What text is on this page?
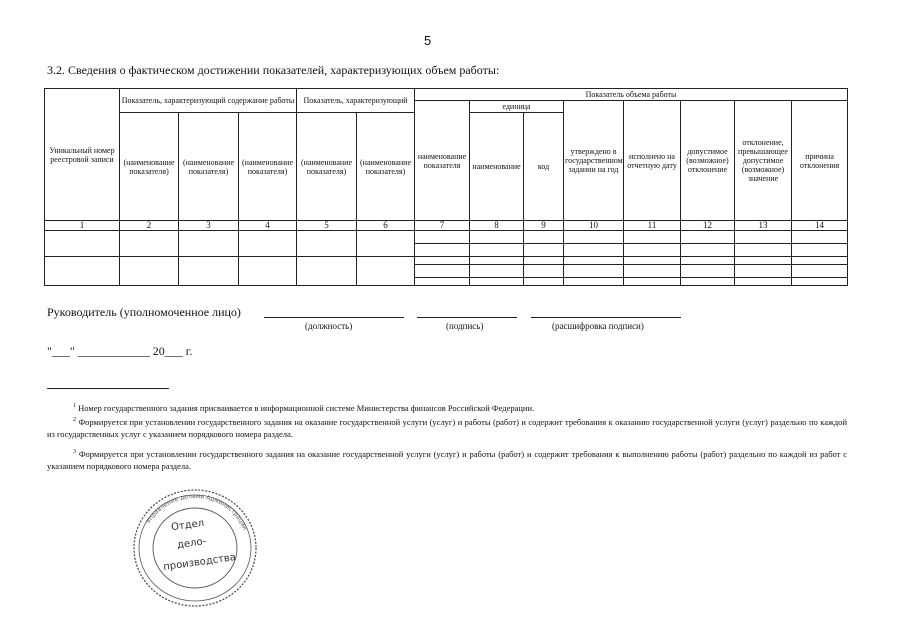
5
3.2. Сведения о фактическом достижении показателей, характеризующих объем работы:
Уникальный номер реестровой записи	Показатель, характеризующий содержание работы			Показатель, характеризующий		Показатель объема работы							
						наименование показателя	единица		утверждено в государственном задании на год	исполнено на отчетную дату	допустимое (возможное) отклонение	отклонение, превышающее допустимое (возможное) значение	причина отклонения
	(наименование показателя)	(наименование показателя)	(наименование показателя)	(наименование показателя)	(наименование показателя)		наименование	код					

1	2	3	4	5	6	7	8	9	10	11	12	13	14

Руководитель (уполномоченное лицо)
(должность)	(подпись)	(расшифровка подписи)
"___" ____________ 20___ г.
$^1$ Номер государственного задания присваивается в информационной системе Министерства финансов Российской Федерации.
$^2$ Формируется при установлении государственного задания на оказание государственной услуги (услуг) и работы (работ) и содержит требования к оказанию государственной услуги (услуг) раздельно по каждой из государственных услуг с указанием порядкового номера раздела.
$^3$ Формируется при установлении государственного задания на оказание государственной услуги (услуг) и работы (работ) и содержит требования к выполнению работы (работ) раздельно по каждой из работ с указанием порядкового номера раздела.
Управление делами Администрации
Отдел
дело-
производства
